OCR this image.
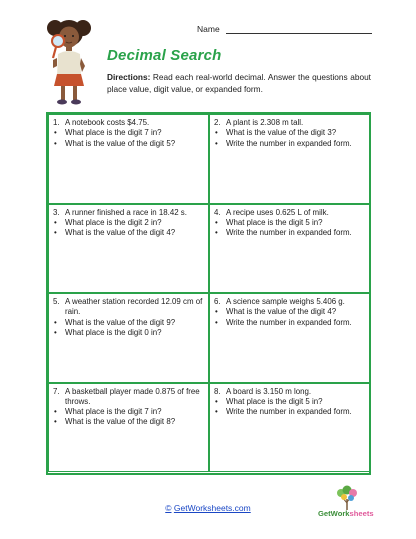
Name
Decimal Search
Directions: Read each real-world decimal. Answer the questions about place value, digit value, or expanded form.
1. A notebook costs $4.75.
•	What place is the digit 7 in?
•	What is the value of the digit 5?
2. A plant is 2.308 m tall.
•	What is the value of the digit 3?
•	Write the number in expanded form.
3. A runner finished a race in 18.42 s.
•	What place is the digit 2 in?
•	What is the value of the digit 4?
4. A recipe uses 0.625 L of milk.
•	What place is the digit 5 in?
•	Write the number in expanded form.
5. A weather station recorded 12.09 cm of rain.
•	What is the value of the digit 9?
•	What place is the digit 0 in?
6. A science sample weighs 5.406 g.
•	What is the value of the digit 4?
•	Write the number in expanded form.
7. A basketball player made 0.875 of free throws.
•	What place is the digit 7 in?
•	What is the value of the digit 8?
8. A board is 3.150 m long.
•	What place is the digit 5 in?
•	Write the number in expanded form.
© GetWorksheets.com
GetWorksheets
